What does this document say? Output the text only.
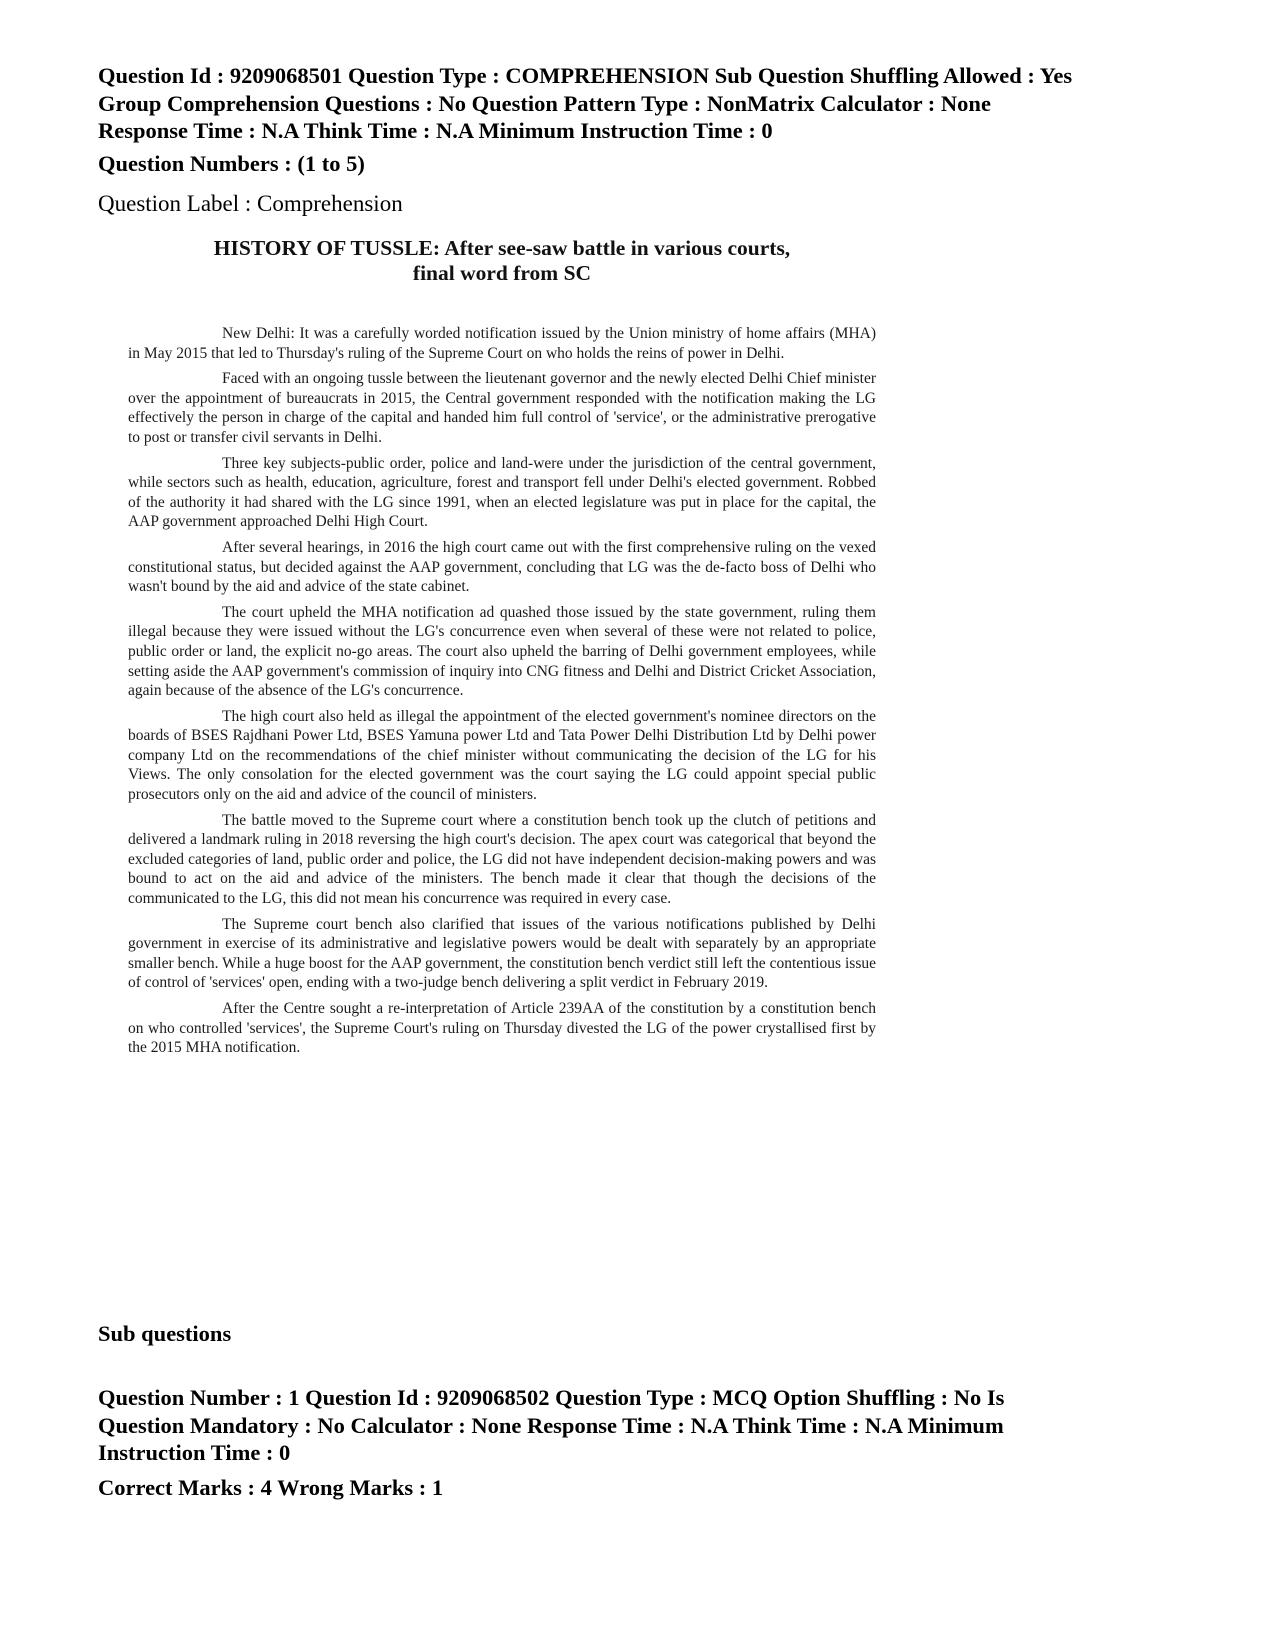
Question Id : 9209068501 Question Type : COMPREHENSION Sub Question Shuffling Allowed : Yes
Group Comprehension Questions : No Question Pattern Type : NonMatrix Calculator : None
Response Time : N.A Think Time : N.A Minimum Instruction Time : 0
Question Numbers : (1 to 5)
Question Label : Comprehension
HISTORY OF TUSSLE: After see-saw battle in various courts,
final word from SC

New Delhi: It was a carefully worded notification issued by the Union ministry of home affairs (MHA) in May 2015 that led to Thursday's ruling of the Supreme Court on who holds the reins of power in Delhi.

Faced with an ongoing tussle between the lieutenant governor and the newly elected Delhi Chief minister over the appointment of bureaucrats in 2015, the Central government responded with the notification making the LG effectively the person in charge of the capital and handed him full control of 'service', or the administrative prerogative to post or transfer civil servants in Delhi.

Three key subjects-public order, police and land-were under the jurisdiction of the central government, while sectors such as health, education, agriculture, forest and transport fell under Delhi's elected government. Robbed of the authority it had shared with the LG since 1991, when an elected legislature was put in place for the capital, the AAP government approached Delhi High Court.

After several hearings, in 2016 the high court came out with the first comprehensive ruling on the vexed constitutional status, but decided against the AAP government, concluding that LG was the de-facto boss of Delhi who wasn't bound by the aid and advice of the state cabinet.

The court upheld the MHA notification ad quashed those issued by the state government, ruling them illegal because they were issued without the LG's concurrence even when several of these were not related to police, public order or land, the explicit no-go areas. The court also upheld the barring of Delhi government employees, while setting aside the AAP government's commission of inquiry into CNG fitness and Delhi and District Cricket Association, again because of the absence of the LG's concurrence.

The high court also held as illegal the appointment of the elected government's nominee directors on the boards of BSES Rajdhani Power Ltd, BSES Yamuna power Ltd and Tata Power Delhi Distribution Ltd by Delhi power company Ltd on the recommendations of the chief minister without communicating the decision of the LG for his Views. The only consolation for the elected government was the court saying the LG could appoint special public prosecutors only on the aid and advice of the council of ministers.

The battle moved to the Supreme court where a constitution bench took up the clutch of petitions and delivered a landmark ruling in 2018 reversing the high court's decision. The apex court was categorical that beyond the excluded categories of land, public order and police, the LG did not have independent decision-making powers and was bound to act on the aid and advice of the ministers. The bench made it clear that though the decisions of the communicated to the LG, this did not mean his concurrence was required in every case.

The Supreme court bench also clarified that issues of the various notifications published by Delhi government in exercise of its administrative and legislative powers would be dealt with separately by an appropriate smaller bench. While a huge boost for the AAP government, the constitution bench verdict still left the contentious issue of control of 'services' open, ending with a two-judge bench delivering a split verdict in February 2019.

After the Centre sought a re-interpretation of Article 239AA of the constitution by a constitution bench on who controlled 'services', the Supreme Court's ruling on Thursday divested the LG of the power crystallised first by the 2015 MHA notification.

Sub questions
Question Number : 1 Question Id : 9209068502 Question Type : MCQ Option Shuffling : No Is
Question Mandatory : No Calculator : None Response Time : N.A Think Time : N.A Minimum
Instruction Time : 0
Correct Marks : 4 Wrong Marks : 1
